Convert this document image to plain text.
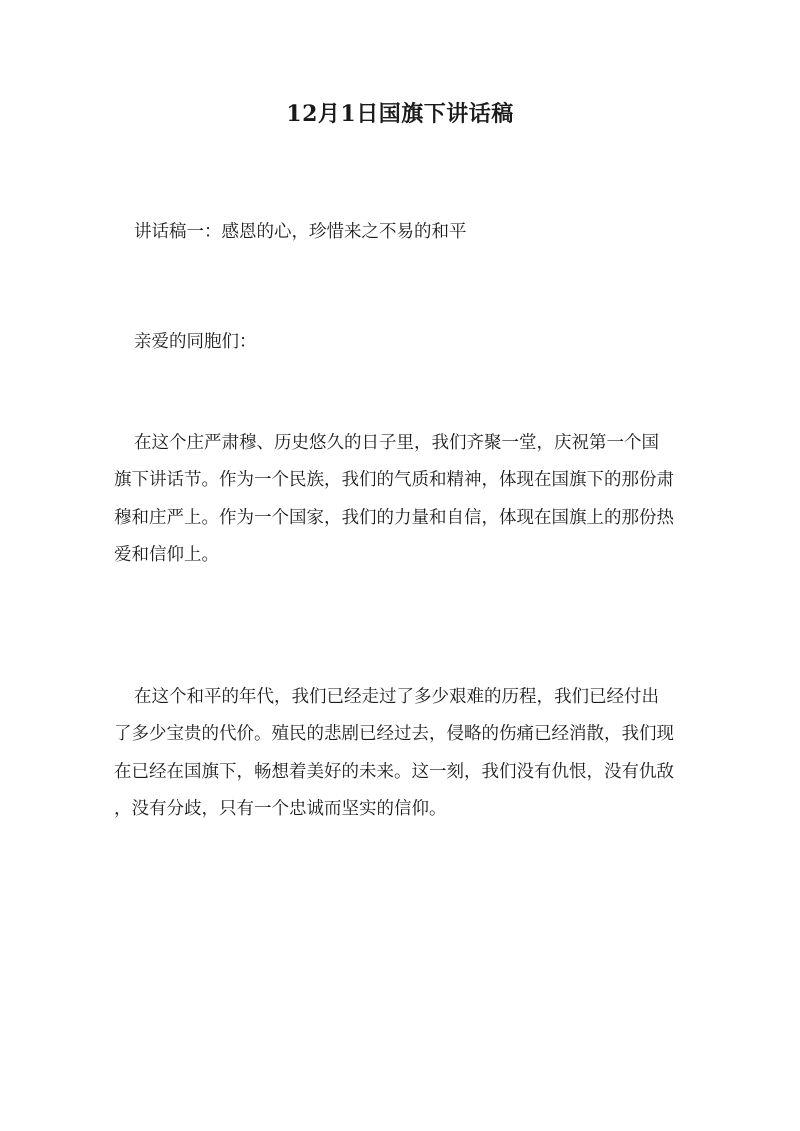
12月1日国旗下讲话稿
讲话稿一：感恩的心，珍惜来之不易的和平
亲爱的同胞们：
在这个庄严肃穆、历史悠久的日子里，我们齐聚一堂，庆祝第一个国
旗下讲话节。作为一个民族，我们的气质和精神，体现在国旗下的那份肃
穆和庄严上。作为一个国家，我们的力量和自信，体现在国旗上的那份热
爱和信仰上。
在这个和平的年代，我们已经走过了多少艰难的历程，我们已经付出
了多少宝贵的代价。殖民的悲剧已经过去，侵略的伤痛已经消散，我们现
在已经在国旗下，畅想着美好的未来。这一刻，我们没有仇恨，没有仇敌
，没有分歧，只有一个忠诚而坚实的信仰。
